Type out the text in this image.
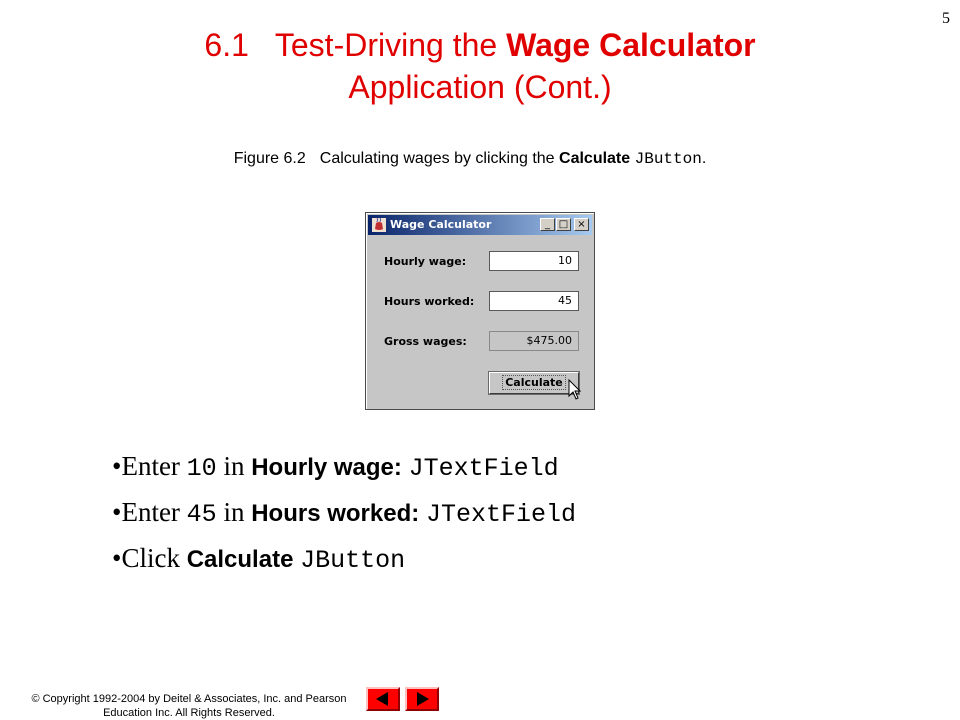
5
6.1 Test-Driving the Wage Calculator
Application (Cont.)
Figure 6.2 Calculating wages by clicking the Calculate JButton.
Wage Calculator	_ □ ×
Hourly wage:	10
Hours worked:	45
Gross wages:	$475.00
Calculate
•Enter 10 in Hourly wage: JTextField
•Enter 45 in Hours worked: JTextField
•Click Calculate JButton
© Copyright 1992-2004 by Deitel & Associates, Inc. and Pearson
Education Inc. All Rights Reserved.
